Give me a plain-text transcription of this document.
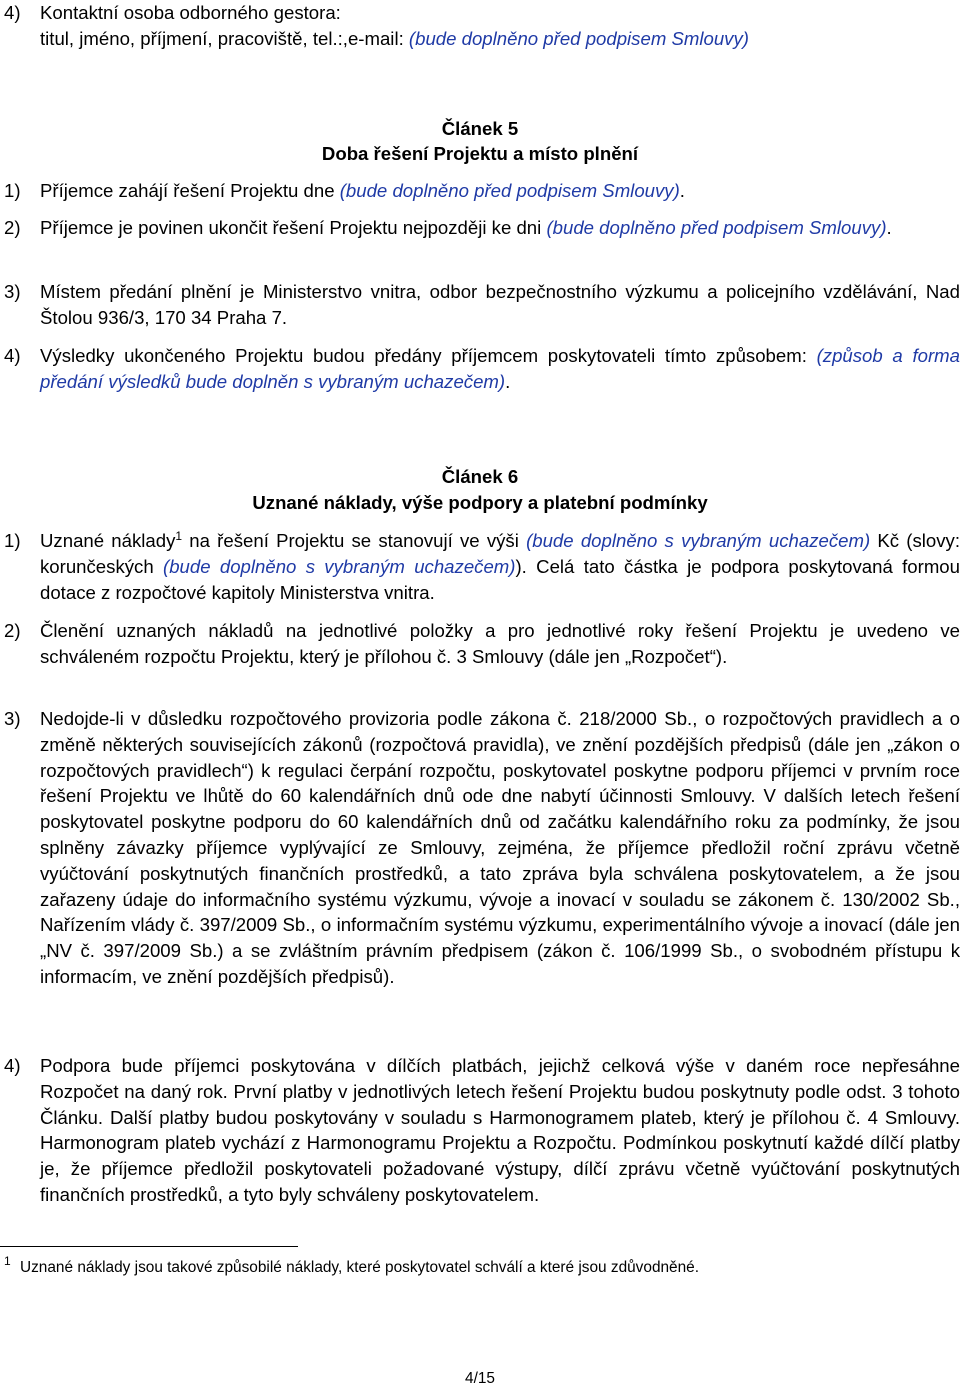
4) Kontaktní osoba odborného gestora:
titul, jméno, příjmení, pracoviště, tel.:,e-mail: (bude doplněno před podpisem Smlouvy)
Článek 5
Doba řešení Projektu a místo plnění
1) Příjemce zahájí řešení Projektu dne (bude doplněno před podpisem Smlouvy).
2) Příjemce je povinen ukončit řešení Projektu nejpozději ke dni (bude doplněno před podpisem Smlouvy).
3) Místem předání plnění je Ministerstvo vnitra, odbor bezpečnostního výzkumu a policejního vzdělávání, Nad Štolou 936/3, 170 34 Praha 7.
4) Výsledky ukončeného Projektu budou předány příjemcem poskytovateli tímto způsobem: (způsob a forma předání výsledků bude doplněn s vybraným uchazečem).
Článek 6
Uznané náklady, výše podpory a platební podmínky
1) Uznané náklady$^1$ na řešení Projektu se stanovují ve výši (bude doplněno s vybraným uchazečem) Kč (slovy: korunčeských (bude doplněno s vybraným uchazečem)). Celá tato částka je podpora poskytovaná formou dotace z rozpočtové kapitoly Ministerstva vnitra.
2) Členění uznaných nákladů na jednotlivé položky a pro jednotlivé roky řešení Projektu je uvedeno ve schváleném rozpočtu Projektu, který je přílohou č. 3 Smlouvy (dále jen „Rozpočet“).
3) Nedojde-li v důsledku rozpočtového provizoria podle zákona č. 218/2000 Sb., o rozpočtových pravidlech a o změně některých souvisejících zákonů (rozpočtová pravidla), ve znění pozdějších předpisů (dále jen „zákon o rozpočtových pravidlech“) k regulaci čerpání rozpočtu, poskytovatel poskytne podporu příjemci v prvním roce řešení Projektu ve lhůtě do 60 kalendářních dnů ode dne nabytí účinnosti Smlouvy. V dalších letech řešení poskytovatel poskytne podporu do 60 kalendářních dnů od začátku kalendářního roku za podmínky, že jsou splněny závazky příjemce vyplývající ze Smlouvy, zejména, že příjemce předložil roční zprávu včetně vyúčtování poskytnutých finančních prostředků, a tato zpráva byla schválena poskytovatelem, a že jsou zařazeny údaje do informačního systému výzkumu, vývoje a inovací v souladu se zákonem č. 130/2002 Sb., Nařízením vlády č. 397/2009 Sb., o informačním systému výzkumu, experimentálního vývoje a inovací (dále jen „NV č. 397/2009 Sb.) a se zvláštním právním předpisem (zákon č. 106/1999 Sb., o svobodném přístupu k informacím, ve znění pozdějších předpisů).
4) Podpora bude příjemci poskytována v dílčích platbách, jejichž celková výše v daném roce nepřesáhne Rozpočet na daný rok. První platby v jednotlivých letech řešení Projektu budou poskytnuty podle odst. 3 tohoto Článku. Další platby budou poskytovány v souladu s Harmonogramem plateb, který je přílohou č. 4 Smlouvy. Harmonogram plateb vychází z Harmonogramu Projektu a Rozpočtu. Podmínkou poskytnutí každé dílčí platby je, že příjemce předložil poskytovateli požadované výstupy, dílčí zprávu včetně vyúčtování poskytnutých finančních prostředků, a tyto byly schváleny poskytovatelem.
1 Uznané náklady jsou takové způsobilé náklady, které poskytovatel schválí a které jsou zdůvodněné.
4/15
